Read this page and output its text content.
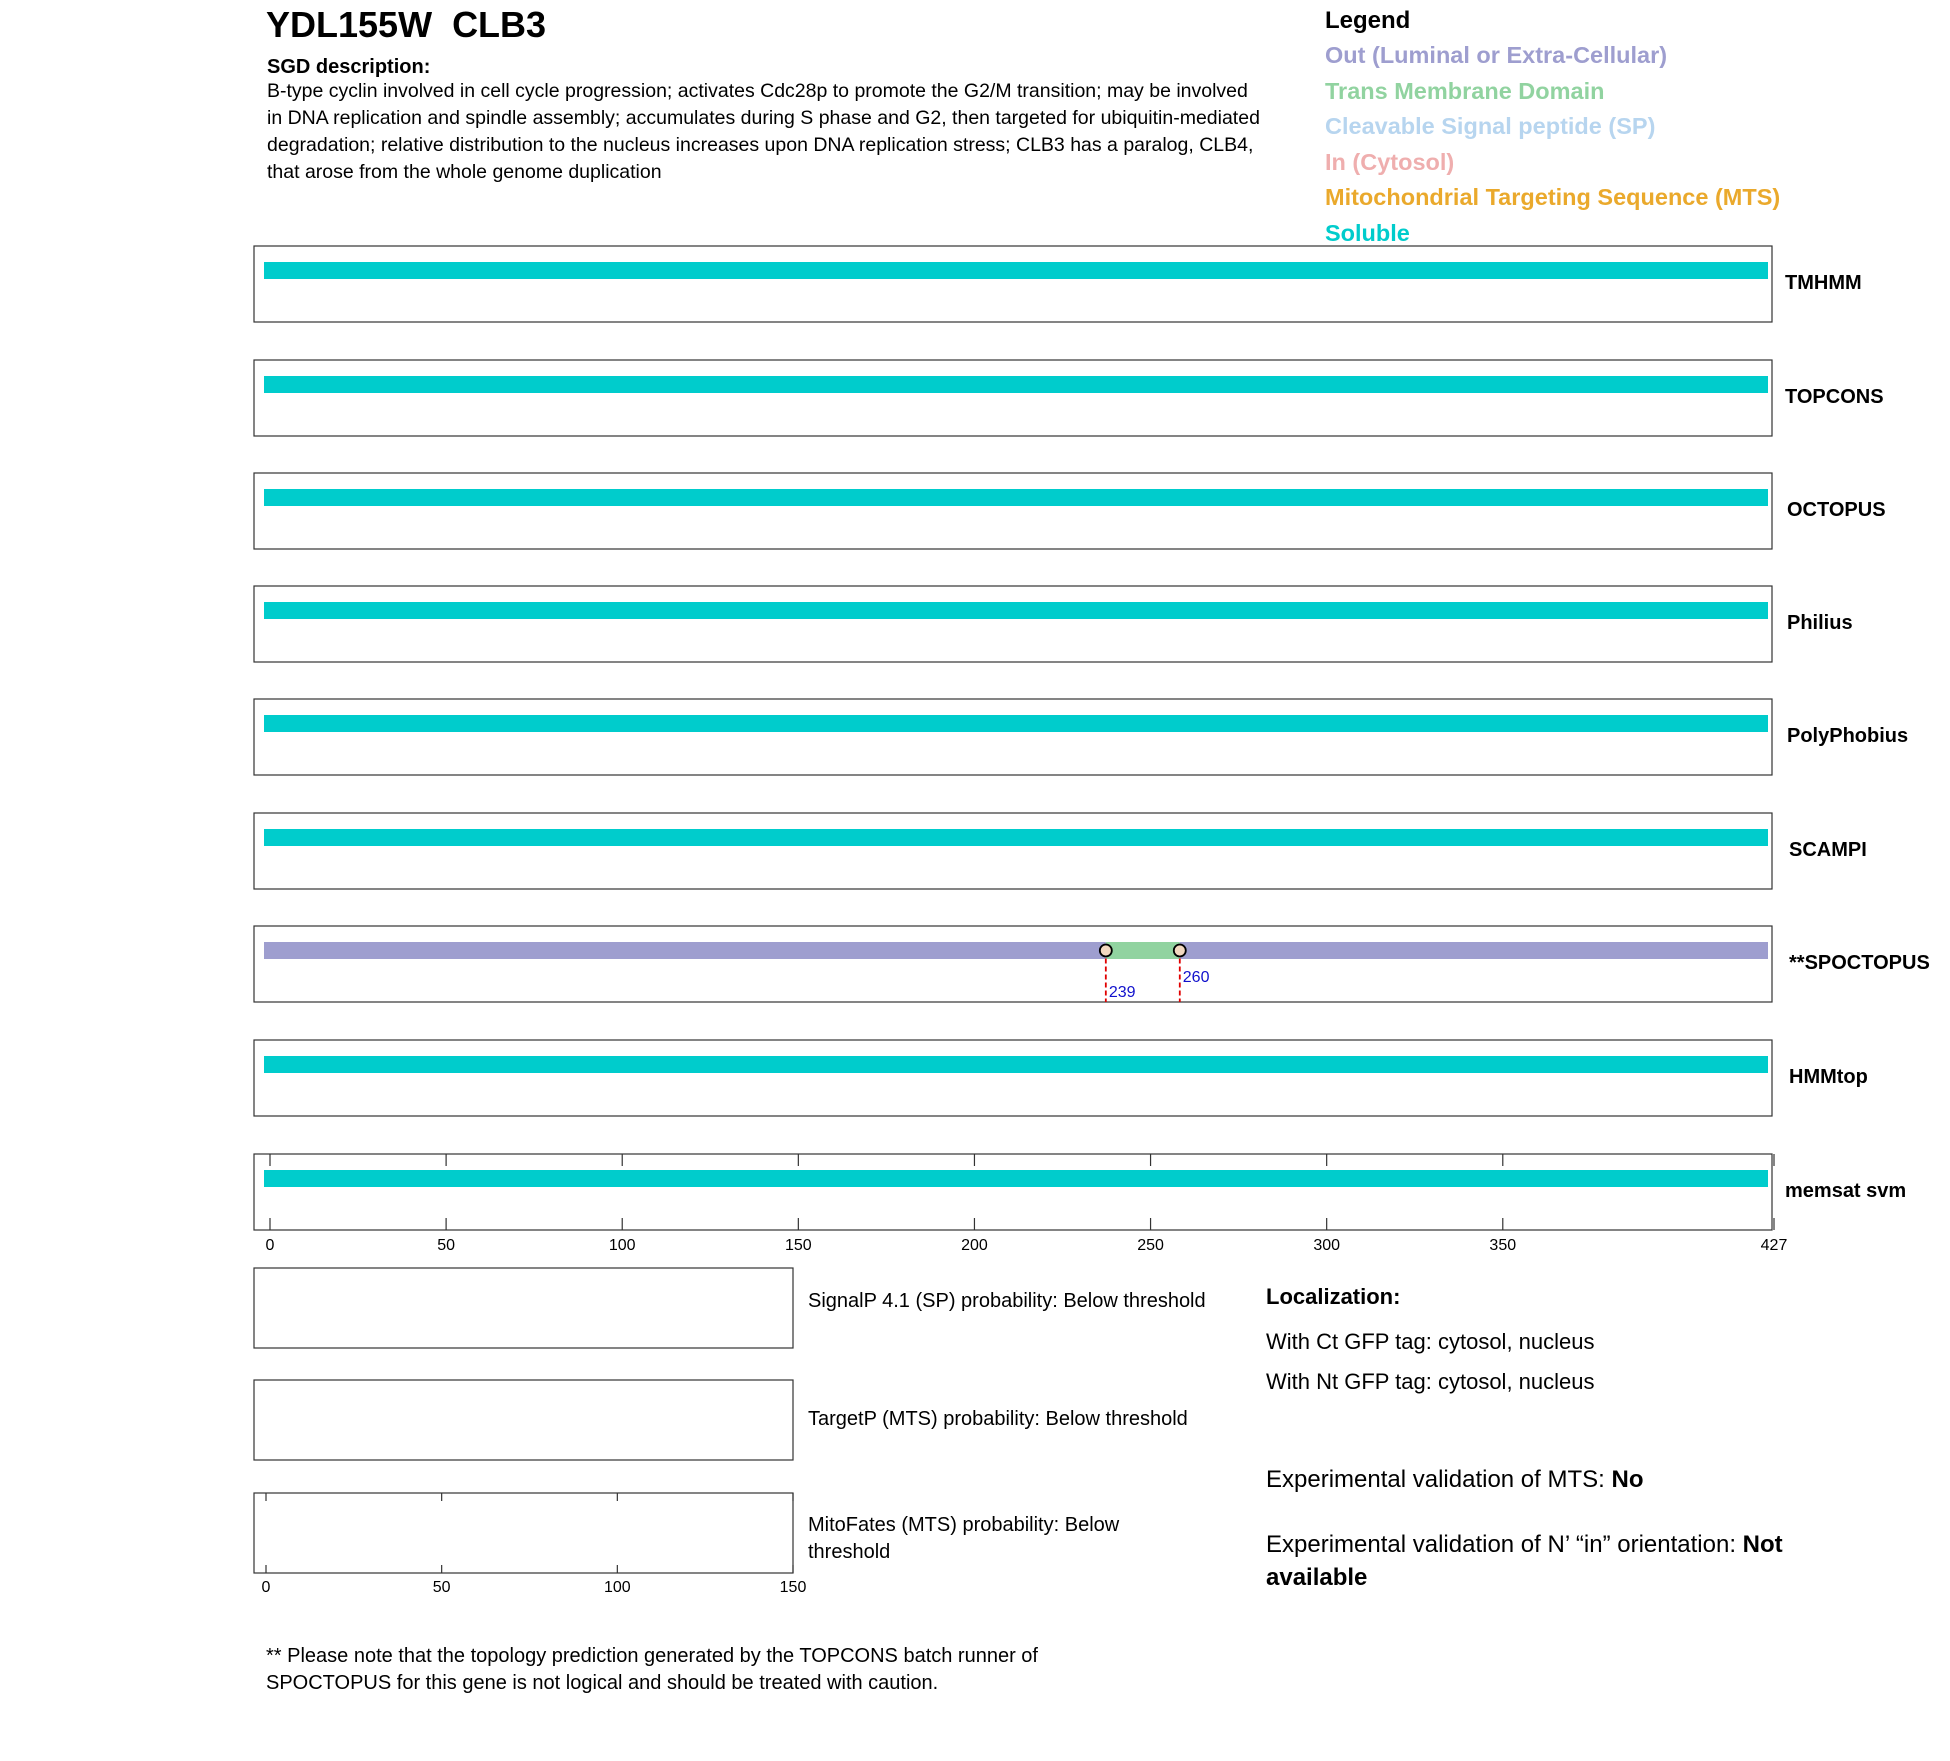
YDL155W CLB3
SGD description:
B-type cyclin involved in cell cycle progression; activates Cdc28p to promote the G2/M transition; may be involved in DNA replication and spindle assembly; accumulates during S phase and G2, then targeted for ubiquitin-mediated degradation; relative distribution to the nucleus increases upon DNA replication stress; CLB3 has a paralog, CLB4, that arose from the whole genome duplication
Legend
Out (Luminal or Extra-Cellular)
Trans Membrane Domain
Cleavable Signal peptide (SP)
In (Cytosol)
Mitochondrial Targeting Sequence (MTS)
Soluble
TMHMM
TOPCONS
OCTOPUS
Philius
PolyPhobius
SCAMPI
239
260
**SPOCTOPUS
HMMtop
memsat svm
0	50	100	150	200	250	300	350	427
SignalP 4.1 (SP) probability: Below threshold
TargetP (MTS) probability: Below threshold
MitoFates (MTS) probability: Below threshold
0	50	100	150
Localization:
With Ct GFP tag: cytosol, nucleus
With Nt GFP tag: cytosol, nucleus
Experimental validation of MTS: No
Experimental validation of N’ “in” orientation: Not available
** Please note that the topology prediction generated by the TOPCONS batch runner of SPOCTOPUS for this gene is not logical and should be treated with caution.
